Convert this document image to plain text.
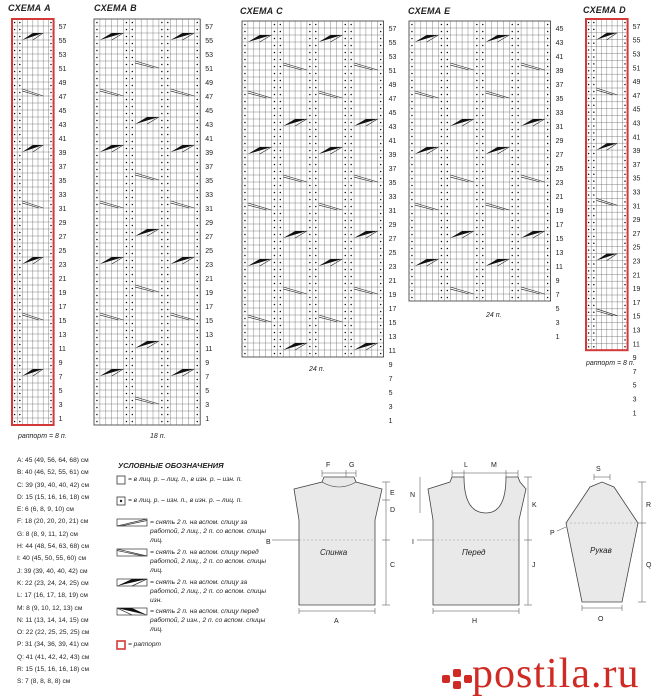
СХЕМА A	СХЕМА B	СХЕМА C	СХЕМА E	СХЕМА D
57
55
53
51
49
47
45
43
41
39
37
35
33
31
29
27
25
23
21
19
17
15
13
11
9
7
5
3
1
57
55
53
51
49
47
45
43
41
39
37
35
33
31
29
27
25
23
21
19
17
15
13
11
9
7
5
3
1
57
55
53
51
49
47
45
43
41
39
37
35
33
31
29
27
25
23
21
19
17
15
13
11
9
7
5
3
1
45
43
41
39
37
35
33
31
29
27
25
23
21
19
17
15
13
11
9
7
5
3
1
57
55
53
51
49
47
45
43
41
39
37
35
33
31
29
27
25
23
21
19
17
15
13
11
9
7
5
3
1
раппорт = 8 п.	18 п.
24 п.
24 п.
раппорт = 8 п.
A: 45 (49, 56, 64, 68) см
B: 40 (46, 52, 55, 61) см
C: 39 (39, 40, 40, 42) см
D: 15 (15, 16, 16, 18) см
E: 6 (6, 8, 9, 10) см
F: 18 (20, 20, 20, 21) см
G: 8 (8, 9, 11, 12) см
H: 44 (48, 54, 63, 68) см
I: 40 (45, 50, 55, 60) см
J: 39 (39, 40, 40, 42) см
K: 22 (23, 24, 24, 25) см
L: 17 (16, 17, 18, 19) см
M: 8 (9, 10, 12, 13) см
N: 11 (13, 14, 14, 15) см
O: 22 (22, 25, 25, 25) см
P: 31 (34, 36, 39, 41) см
Q: 41 (41, 42, 42, 43) см
R: 15 (15, 16, 16, 18) см
S: 7 (8, 8, 8, 8) см
УСЛОВНЫЕ ОБОЗНАЧЕНИЯ
= в лиц. р. – лиц. п., в изн. р. – изн. п.
= в лиц. р. – изн. п., в изн. р. – лиц. п.
= снять 2 п. на вспом. спицу за работой, 2 лиц., 2 п. со вспом. спицы лиц.
= снять 2 п. на вспом. спицу перед работой, 2 лиц., 2 п. со вспом. спицы лиц.
= снять 2 п. на вспом. спицу за работой, 2 лиц., 2 п. со вспом. спицы изн.
= снять 2 п. на вспом. спицу перед работой, 2 изн., 2 п. со вспом. спицы лиц.
= раппорт
F	G
E
D
B
C
A
Спинка
L	M
N
K
I
J
H
Перед
S
R
P
Q
O
Рукав
postila.ru
